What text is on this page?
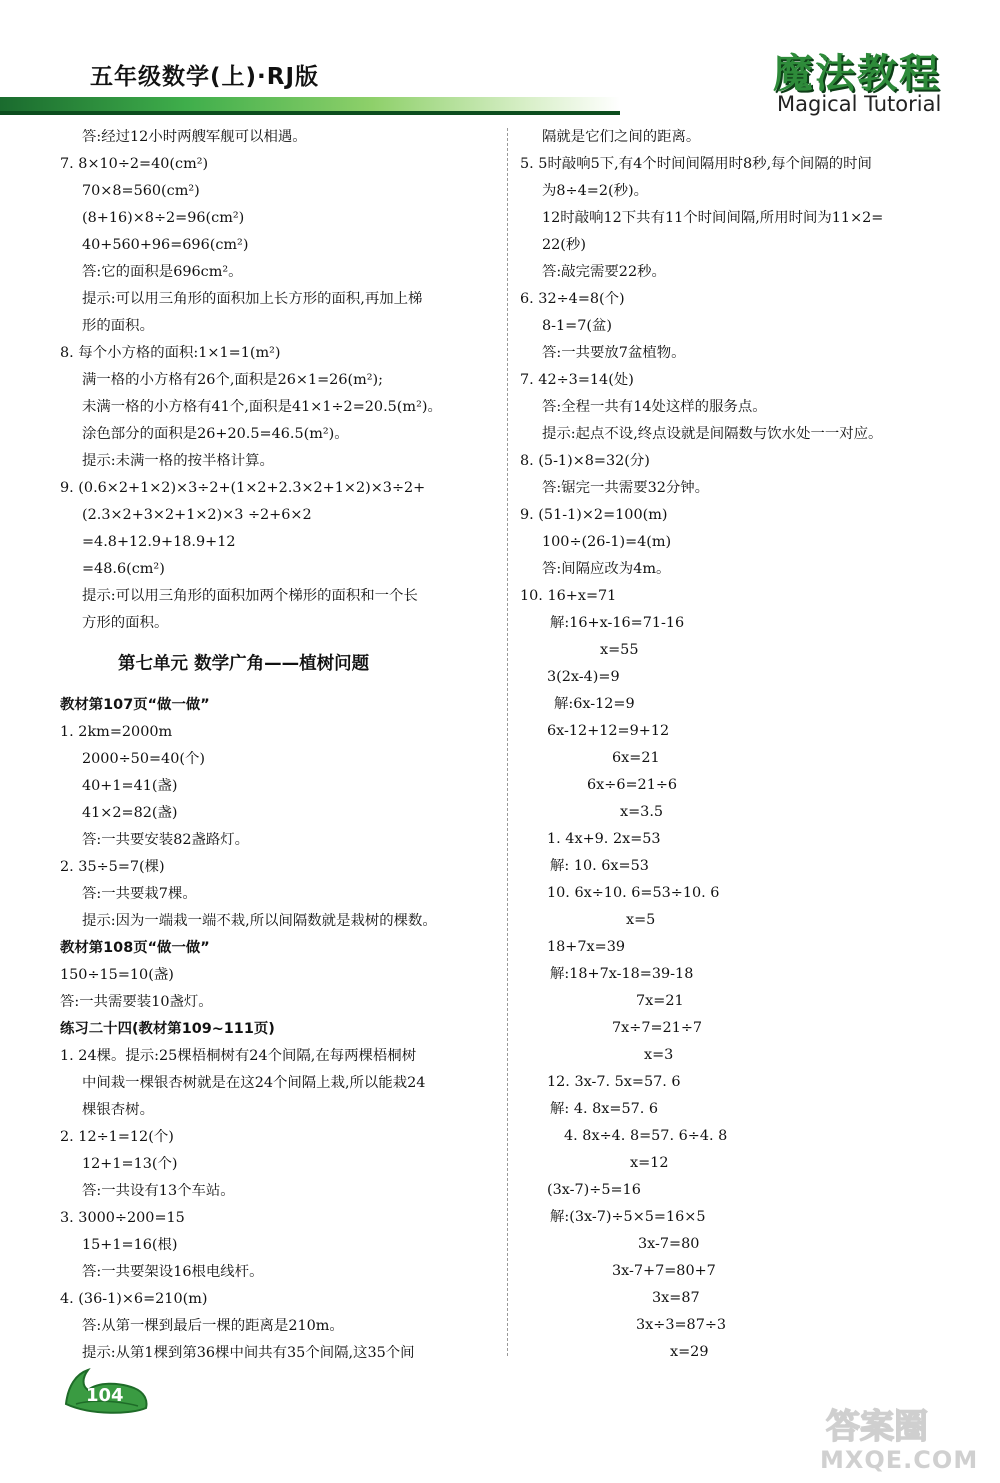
五年级数学(上)·RJ版	魔法教程
Magical Tutorial
答:经过12小时两艘军舰可以相遇。
7. 8×10÷2=40(cm²)
70×8=560(cm²)
(8+16)×8÷2=96(cm²)
40+560+96=696(cm²)
答:它的面积是696cm²。
提示:可以用三角形的面积加上长方形的面积,再加上梯
形的面积。
8. 每个小方格的面积:1×1=1(m²)
满一格的小方格有26个,面积是26×1=26(m²);
未满一格的小方格有41个,面积是41×1÷2=20.5(m²)。
涂色部分的面积是26+20.5=46.5(m²)。
提示:未满一格的按半格计算。
9. (0.6×2+1×2)×3÷2+(1×2+2.3×2+1×2)×3÷2+
(2.3×2+3×2+1×2)×3 ÷2+6×2
=4.8+12.9+18.9+12
=48.6(cm²)
提示:可以用三角形的面积加两个梯形的面积和一个长
方形的面积。
第七单元 数学广角——植树问题
教材第107页“做一做”
1. 2km=2000m
2000÷50=40(个)
40+1=41(盏)
41×2=82(盏)
答:一共要安装82盏路灯。
2. 35÷5=7(棵)
答:一共要栽7棵。
提示:因为一端栽一端不栽,所以间隔数就是栽树的棵数。
教材第108页“做一做”
150÷15=10(盏)
答:一共需要装10盏灯。
练习二十四(教材第109~111页)
1. 24棵。提示:25棵梧桐树有24个间隔,在每两棵梧桐树
中间栽一棵银杏树就是在这24个间隔上栽,所以能栽24
棵银杏树。
2. 12÷1=12(个)
12+1=13(个)
答:一共设有13个车站。
3. 3000÷200=15
15+1=16(根)
答:一共要架设16根电线杆。
4. (36-1)×6=210(m)
答:从第一棵到最后一棵的距离是210m。
提示:从第1棵到第36棵中间共有35个间隔,这35个间
隔就是它们之间的距离。
5. 5时敲响5下,有4个时间间隔用时8秒,每个间隔的时间
为8÷4=2(秒)。
12时敲响12下共有11个时间间隔,所用时间为11×2=
22(秒)
答:敲完需要22秒。
6. 32÷4=8(个)
8-1=7(盆)
答:一共要放7盆植物。
7. 42÷3=14(处)
答:全程一共有14处这样的服务点。
提示:起点不设,终点设就是间隔数与饮水处一一对应。
8. (5-1)×8=32(分)
答:锯完一共需要32分钟。
9. (51-1)×2=100(m)
100÷(26-1)=4(m)
答:间隔应改为4m。
10. 16+x=71
解:16+x-16=71-16
x=55
3(2x-4)=9
解:6x-12=9
6x-12+12=9+12
6x=21
6x÷6=21÷6
x=3.5
1. 4x+9. 2x=53
解: 10. 6x=53
10. 6x÷10. 6=53÷10. 6
x=5
18+7x=39
解:18+7x-18=39-18
7x=21
7x÷7=21÷7
x=3
12. 3x-7. 5x=57. 6
解: 4. 8x=57. 6
4. 8x÷4. 8=57. 6÷4. 8
x=12
(3x-7)÷5=16
解:(3x-7)÷5×5=16×5
3x-7=80
3x-7+7=80+7
3x=87
3x÷3=87÷3
x=29
104
答案圈
MXQE.COM
